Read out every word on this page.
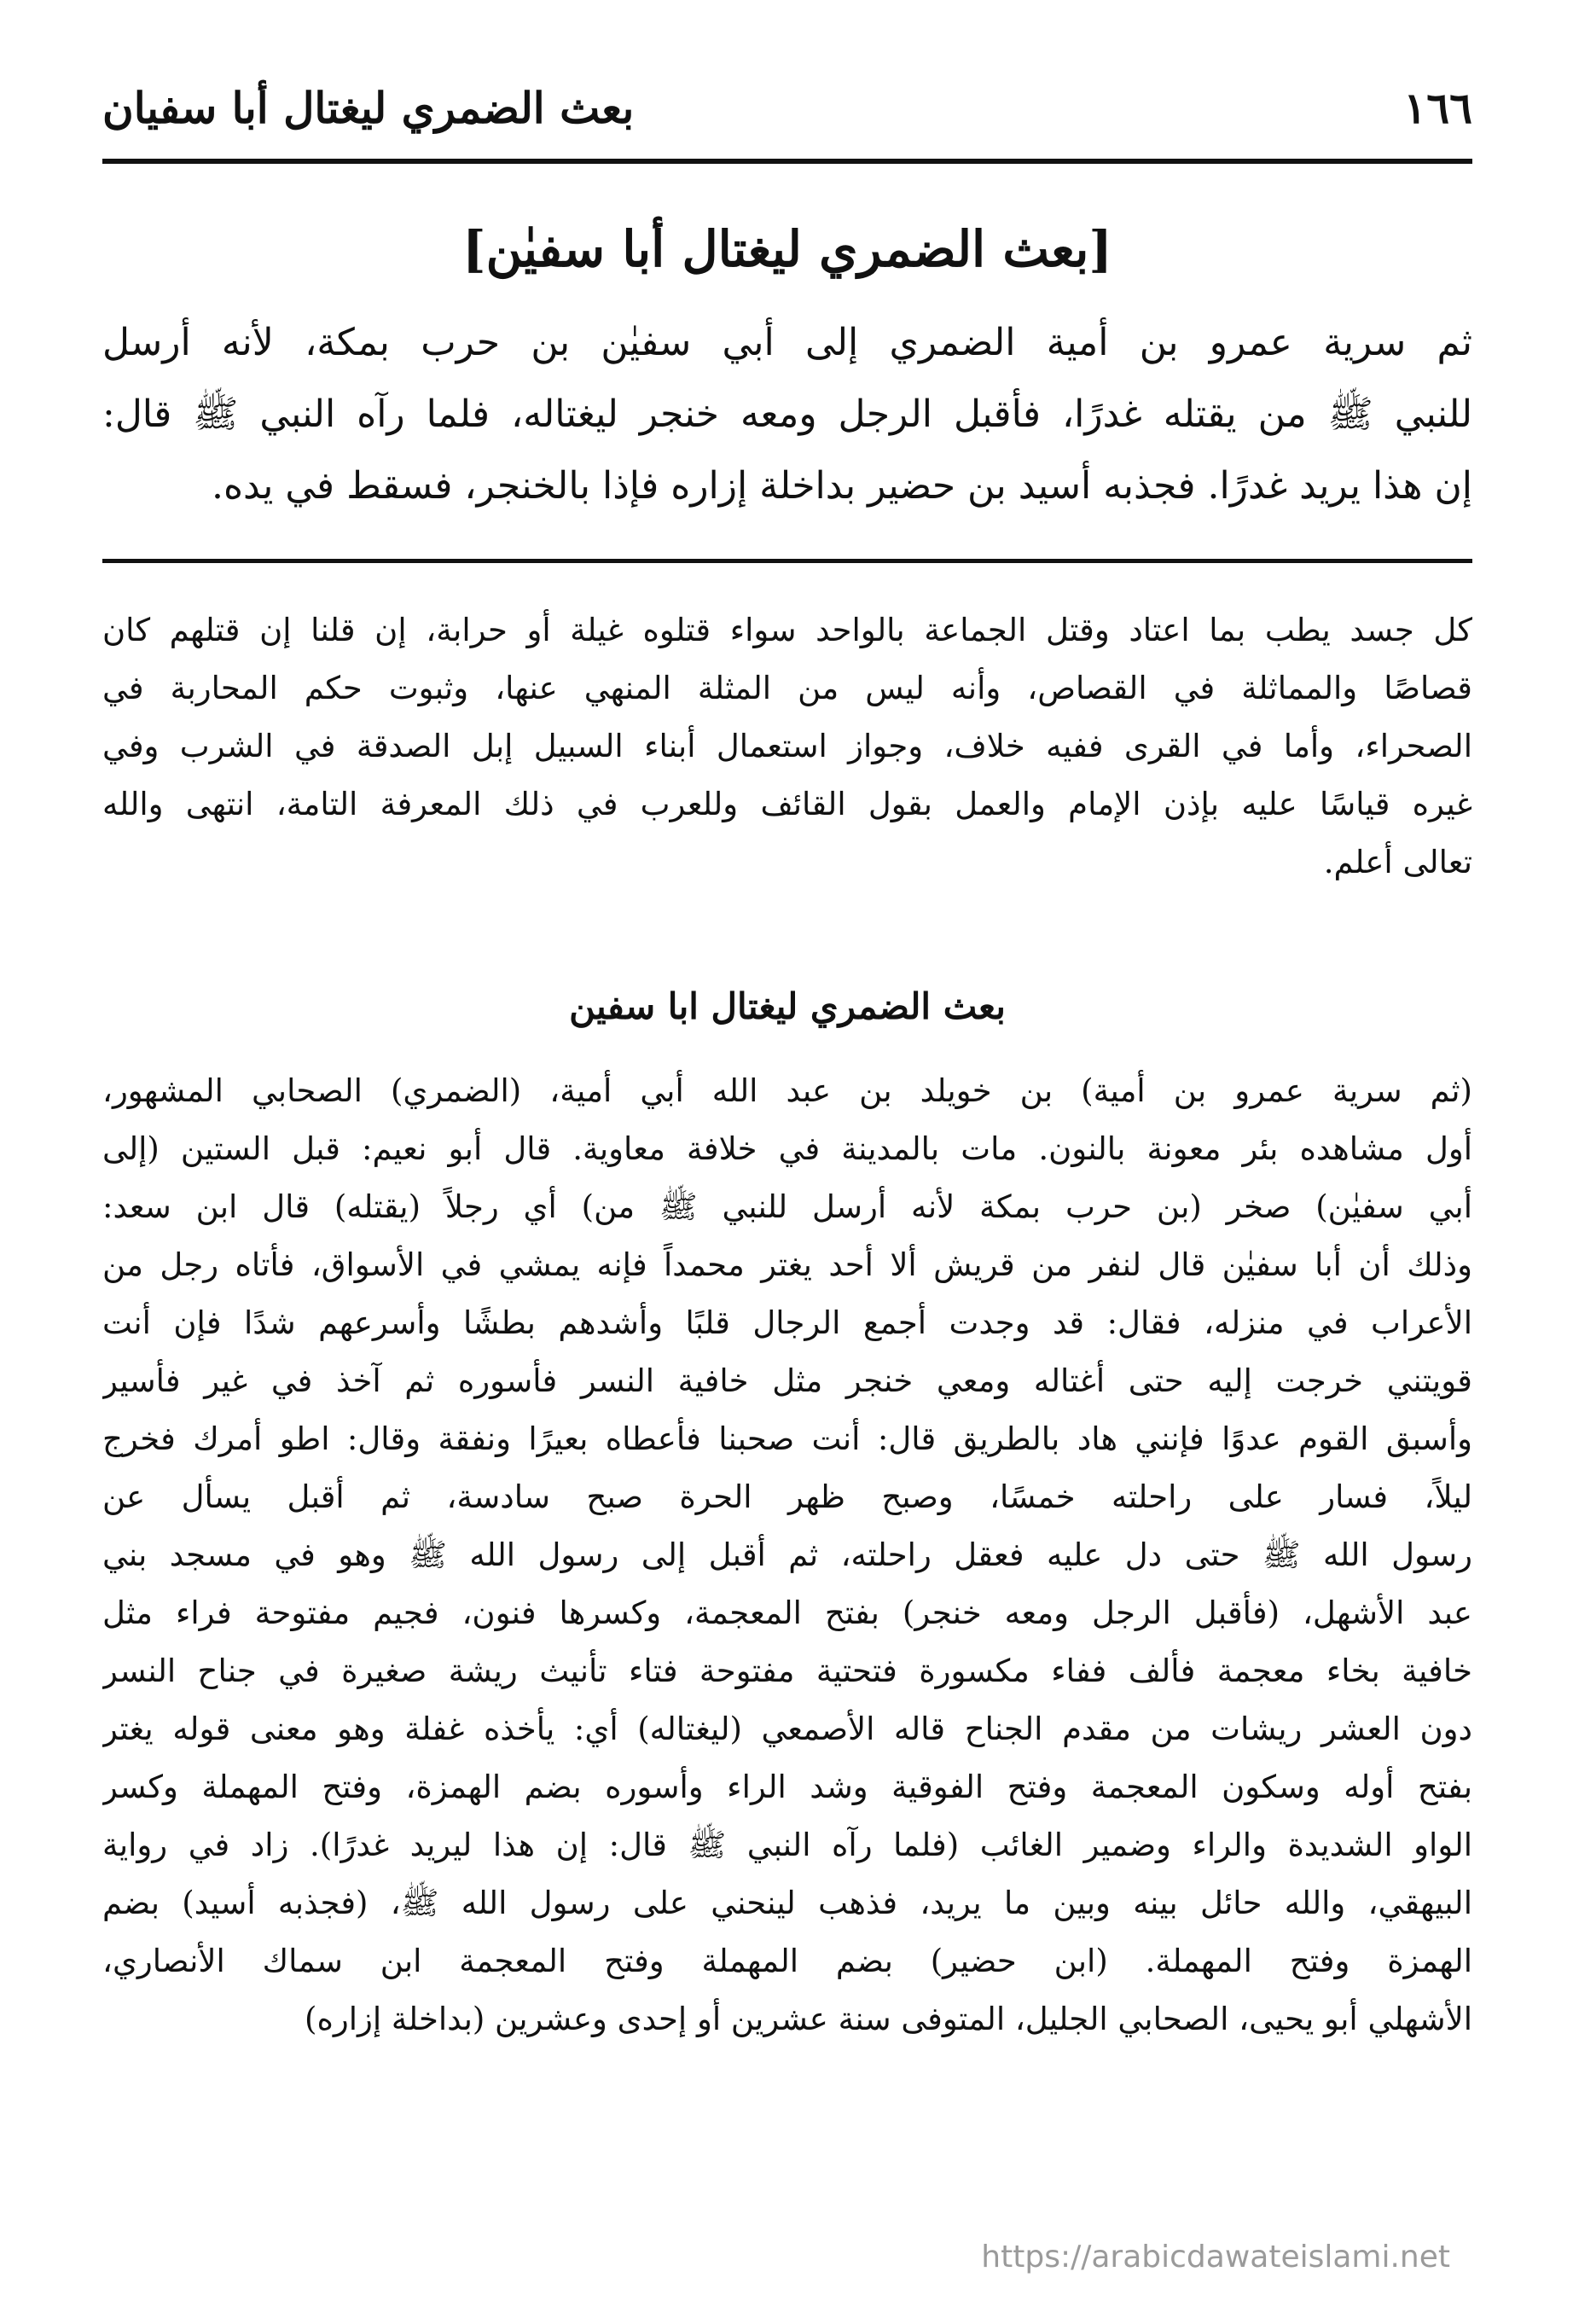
١٦٦
بعث الضمري ليغتال أبا سفيان
[بعث الضمري ليغتال أبا سفيٰن]
ثم سرية عمرو بن أمية الضمري إلى أبي سفيٰن بن حرب بمكة، لأنه أرسل
للنبي ﷺ من يقتله غدرًا، فأقبل الرجل ومعه خنجر ليغتاله، فلما رآه النبي ﷺ قال:
إن هذا يريد غدرًا. فجذبه أسيد بن حضير بداخلة إزاره فإذا بالخنجر، فسقط في يده.
كل جسد يطب بما اعتاد وقتل الجماعة بالواحد سواء قتلوه غيلة أو حرابة، إن قلنا إن قتلهم كان
قصاصًا والمماثلة في القصاص، وأنه ليس من المثلة المنهي عنها، وثبوت حكم المحاربة في
الصحراء، وأما في القرى ففيه خلاف، وجواز استعمال أبناء السبيل إبل الصدقة في الشرب وفي
غيره قياسًا عليه بإذن الإمام والعمل بقول القائف وللعرب في ذلك المعرفة التامة، انتهى والله
تعالى أعلم.
بعث الضمري ليغتال ابا سفين
(ثم سرية عمرو بن أمية) بن خويلد بن عبد الله أبي أمية، (الضمري) الصحابي المشهور،
أول مشاهده بئر معونة بالنون. مات بالمدينة في خلافة معاوية. قال أبو نعيم: قبل الستين (إلى
أبي سفيٰن) صخر (بن حرب بمكة لأنه أرسل للنبي ﷺ من) أي رجلاً (يقتله) قال ابن سعد:
وذلك أن أبا سفيٰن قال لنفر من قريش ألا أحد يغتر محمداً فإنه يمشي في الأسواق، فأتاه رجل من
الأعراب في منزله، فقال: قد وجدت أجمع الرجال قلبًا وأشدهم بطشًا وأسرعهم شدًا فإن أنت
قويتني خرجت إليه حتى أغتاله ومعي خنجر مثل خافية النسر فأسوره ثم آخذ في غير فأسير
وأسبق القوم عدوًا فإنني هاد بالطريق قال: أنت صحبنا فأعطاه بعيرًا ونفقة وقال: اطو أمرك فخرج
ليلاً، فسار على راحلته خمسًا، وصبح ظهر الحرة صبح سادسة، ثم أقبل يسأل عن
رسول الله ﷺ حتى دل عليه فعقل راحلته، ثم أقبل إلى رسول الله ﷺ وهو في مسجد بني
عبد الأشهل، (فأقبل الرجل ومعه خنجر) بفتح المعجمة، وكسرها فنون، فجيم مفتوحة فراء مثل
خافية بخاء معجمة فألف ففاء مكسورة فتحتية مفتوحة فتاء تأنيث ريشة صغيرة في جناح النسر
دون العشر ريشات من مقدم الجناح قاله الأصمعي (ليغتاله) أي: يأخذه غفلة وهو معنى قوله يغتر
بفتح أوله وسكون المعجمة وفتح الفوقية وشد الراء وأسوره بضم الهمزة، وفتح المهملة وكسر
الواو الشديدة والراء وضمير الغائب (فلما رآه النبي ﷺ قال: إن هذا ليريد غدرًا). زاد في رواية
البيهقي، والله حائل بينه وبين ما يريد، فذهب لينحني على رسول الله ﷺ، (فجذبه أسيد) بضم
الهمزة وفتح المهملة. (ابن حضير) بضم المهملة وفتح المعجمة ابن سماك الأنصاري،
الأشهلي أبو يحيى، الصحابي الجليل، المتوفى سنة عشرين أو إحدى وعشرين (بداخلة إزاره)
https://arabicdawateislami.net
